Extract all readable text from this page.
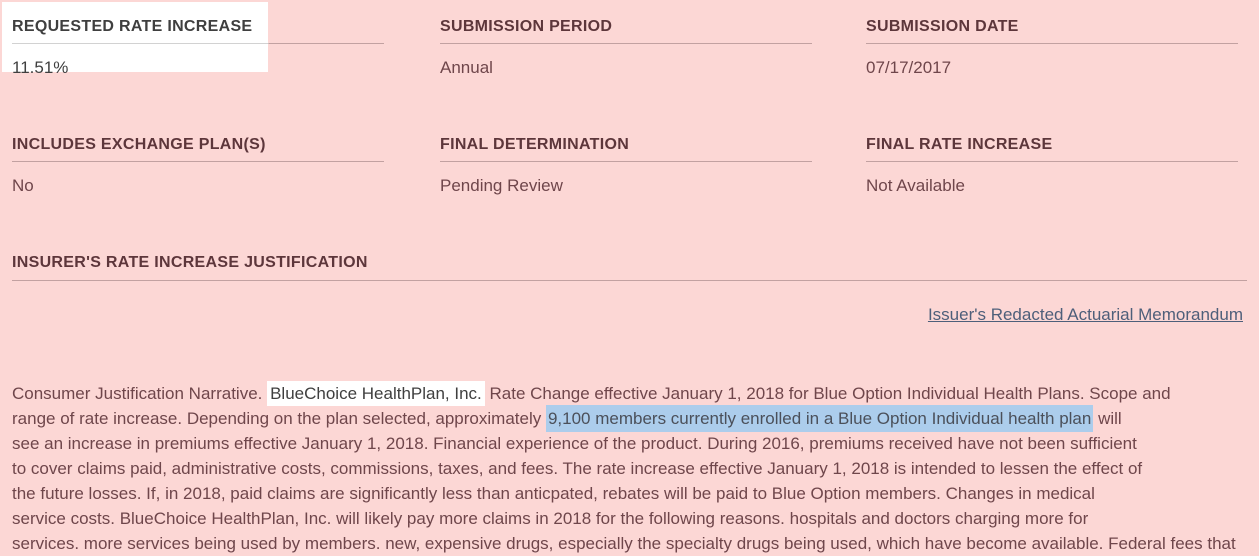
REQUESTED RATE INCREASE
11.51%
SUBMISSION PERIOD
Annual
SUBMISSION DATE
07/17/2017
INCLUDES EXCHANGE PLAN(S)
No
FINAL DETERMINATION
Pending Review
FINAL RATE INCREASE
Not Available
INSURER'S RATE INCREASE JUSTIFICATION
Issuer's Redacted Actuarial Memorandum
Consumer Justification Narrative. BlueChoice HealthPlan, Inc. Rate Change effective January 1, 2018 for Blue Option Individual Health Plans. Scope and
range of rate increase. Depending on the plan selected, approximately 9,100 members currently enrolled in a Blue Option Individual health plan will
see an increase in premiums effective January 1, 2018. Financial experience of the product. During 2016, premiums received have not been sufficient
to cover claims paid, administrative costs, commissions, taxes, and fees. The rate increase effective January 1, 2018 is intended to lessen the effect of
the future losses. If, in 2018, paid claims are significantly less than anticpated, rebates will be paid to Blue Option members. Changes in medical
service costs. BlueChoice HealthPlan, Inc. will likely pay more claims in 2018 for the following reasons. hospitals and doctors charging more for
services. more services being used by members. new, expensive drugs, especially the specialty drugs being used, which have become available. Federal fees that
